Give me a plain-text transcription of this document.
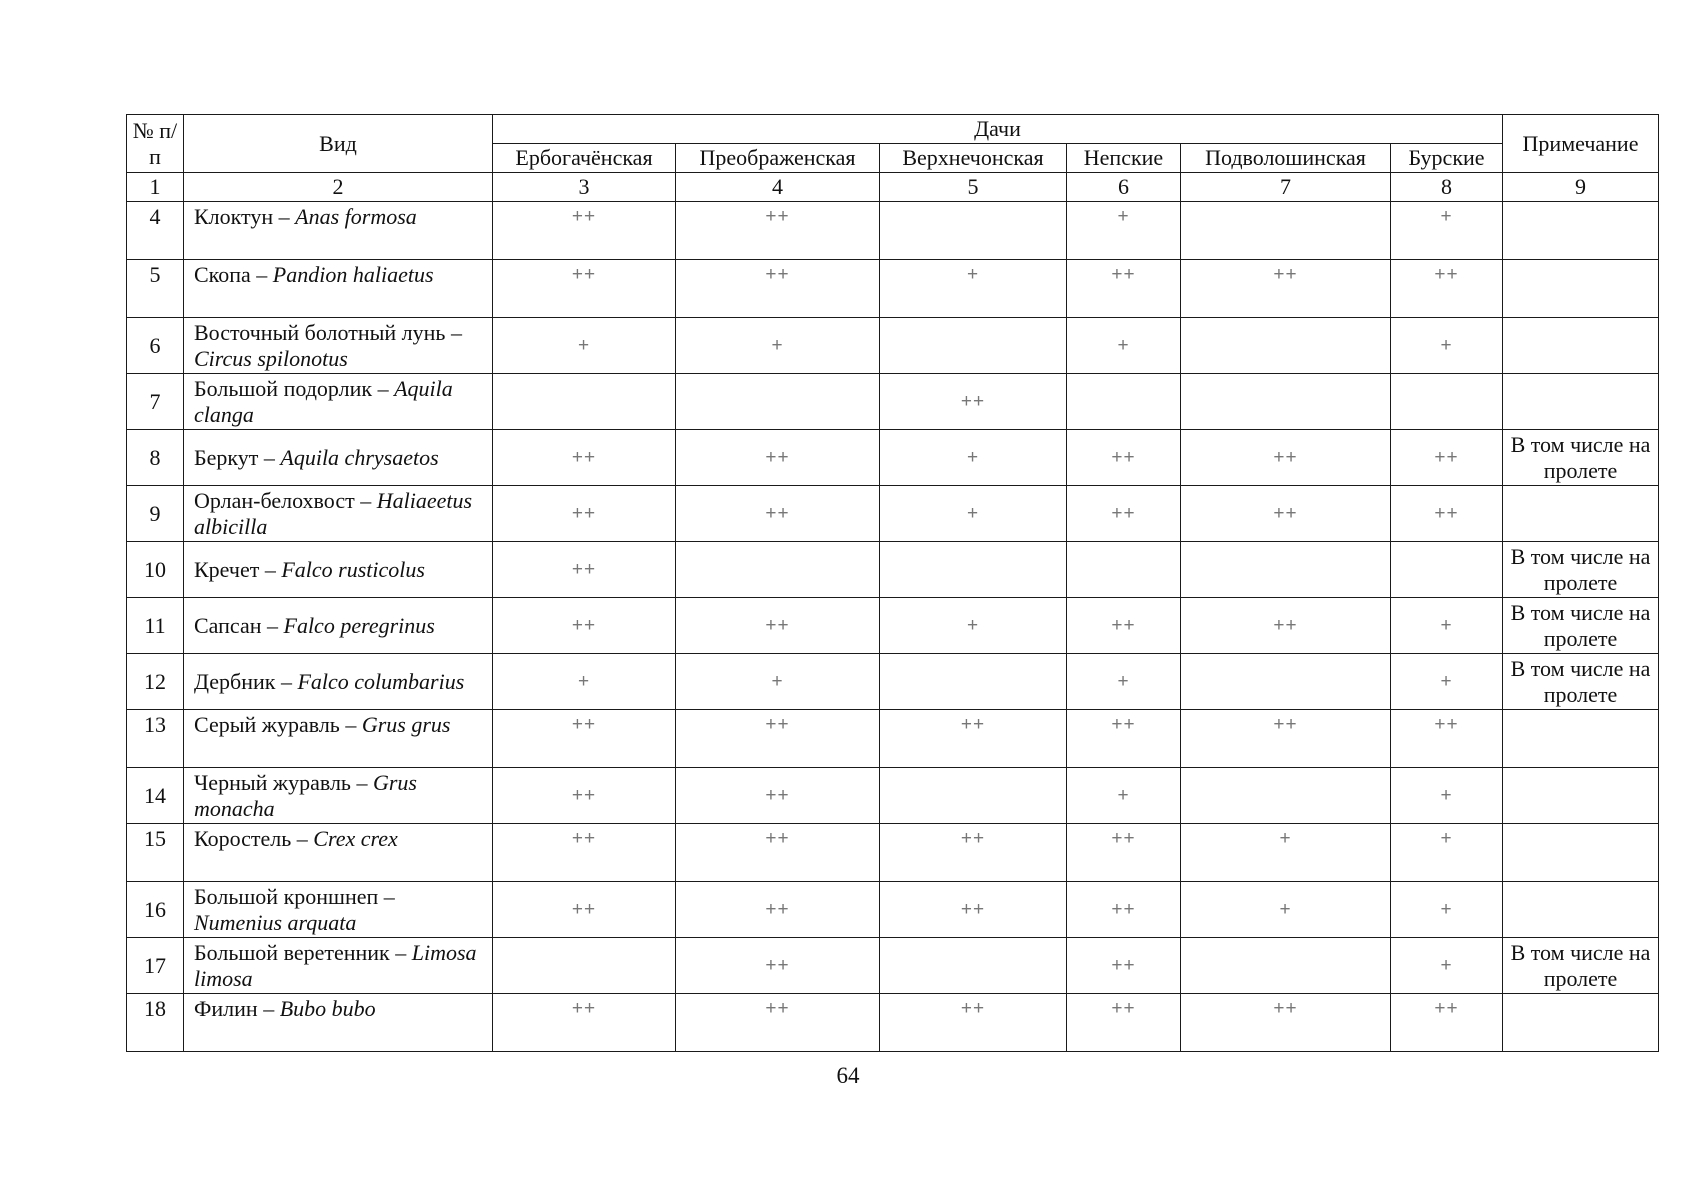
№ п/п	Вид	Дачи						Примечание
		Ербогачёнская	Преображенская	Верхнечонская	Непские	Подволошинская	Бурские	
1	2	3	4	5	6	7	8	9
4	Клоктун – Anas formosa	++	++		+		+	
5	Скопа – Pandion haliaetus	++	++	+	++	++	++	
6	Восточный болотный лунь – Circus spilonotus	+	+		+		+	
7	Большой подорлик – Aquila clanga			++				
8	Беркут – Aquila chrysaetos	++	++	+	++	++	++	В том числе на пролете
9	Орлан-белохвост – Haliaeetus albicilla	++	++	+	++	++	++	
10	Кречет – Falco rusticolus	++						В том числе на пролете
11	Сапсан – Falco peregrinus	++	++	+	++	++	+	В том числе на пролете
12	Дербник – Falco columbarius	+	+		+		+	В том числе на пролете
13	Серый журавль – Grus grus	++	++	++	++	++	++	
14	Черный журавль – Grus monacha	++	++		+		+	
15	Коростель – Crex crex	++	++	++	++	+	+	
16	Большой кроншнеп – Numenius arquata	++	++	++	++	+	+	
17	Большой веретенник – Limosa limosa		++		++		+	В том числе на пролете
18	Филин – Bubo bubo	++	++	++	++	++	++	
64
